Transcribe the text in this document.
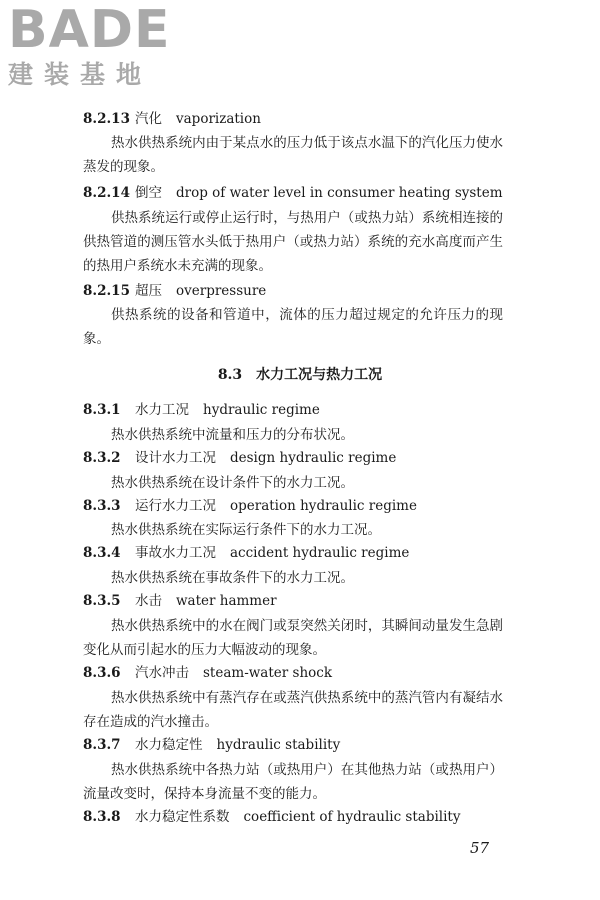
BADE
建装基地
8.2.13 汽化 vaporization
热水供热系统内由于某点水的压力低于该点水温下的汽化压力使水蒸发的现象。
8.2.14 倒空 drop of water level in consumer heating system
供热系统运行或停止运行时，与热用户（或热力站）系统相连接的供热管道的测压管水头低于热用户（或热力站）系统的充水高度而产生的热用户系统水未充满的现象。
8.2.15 超压 overpressure
供热系统的设备和管道中，流体的压力超过规定的允许压力的现象。
8.3　水力工况与热力工况
8.3.1 水力工况 hydraulic regime
热水供热系统中流量和压力的分布状况。
8.3.2 设计水力工况 design hydraulic regime
热水供热系统在设计条件下的水力工况。
8.3.3 运行水力工况 operation hydraulic regime
热水供热系统在实际运行条件下的水力工况。
8.3.4 事故水力工况 accident hydraulic regime
热水供热系统在事故条件下的水力工况。
8.3.5 水击 water hammer
热水供热系统中的水在阀门或泵突然关闭时，其瞬间动量发生急剧变化从而引起水的压力大幅波动的现象。
8.3.6 汽水冲击 steam-water shock
热水供热系统中有蒸汽存在或蒸汽供热系统中的蒸汽管内有凝结水存在造成的汽水撞击。
8.3.7 水力稳定性 hydraulic stability
热水供热系统中各热力站（或热用户）在其他热力站（或热用户）流量改变时，保持本身流量不变的能力。
8.3.8 水力稳定性系数 coefficient of hydraulic stability
57
